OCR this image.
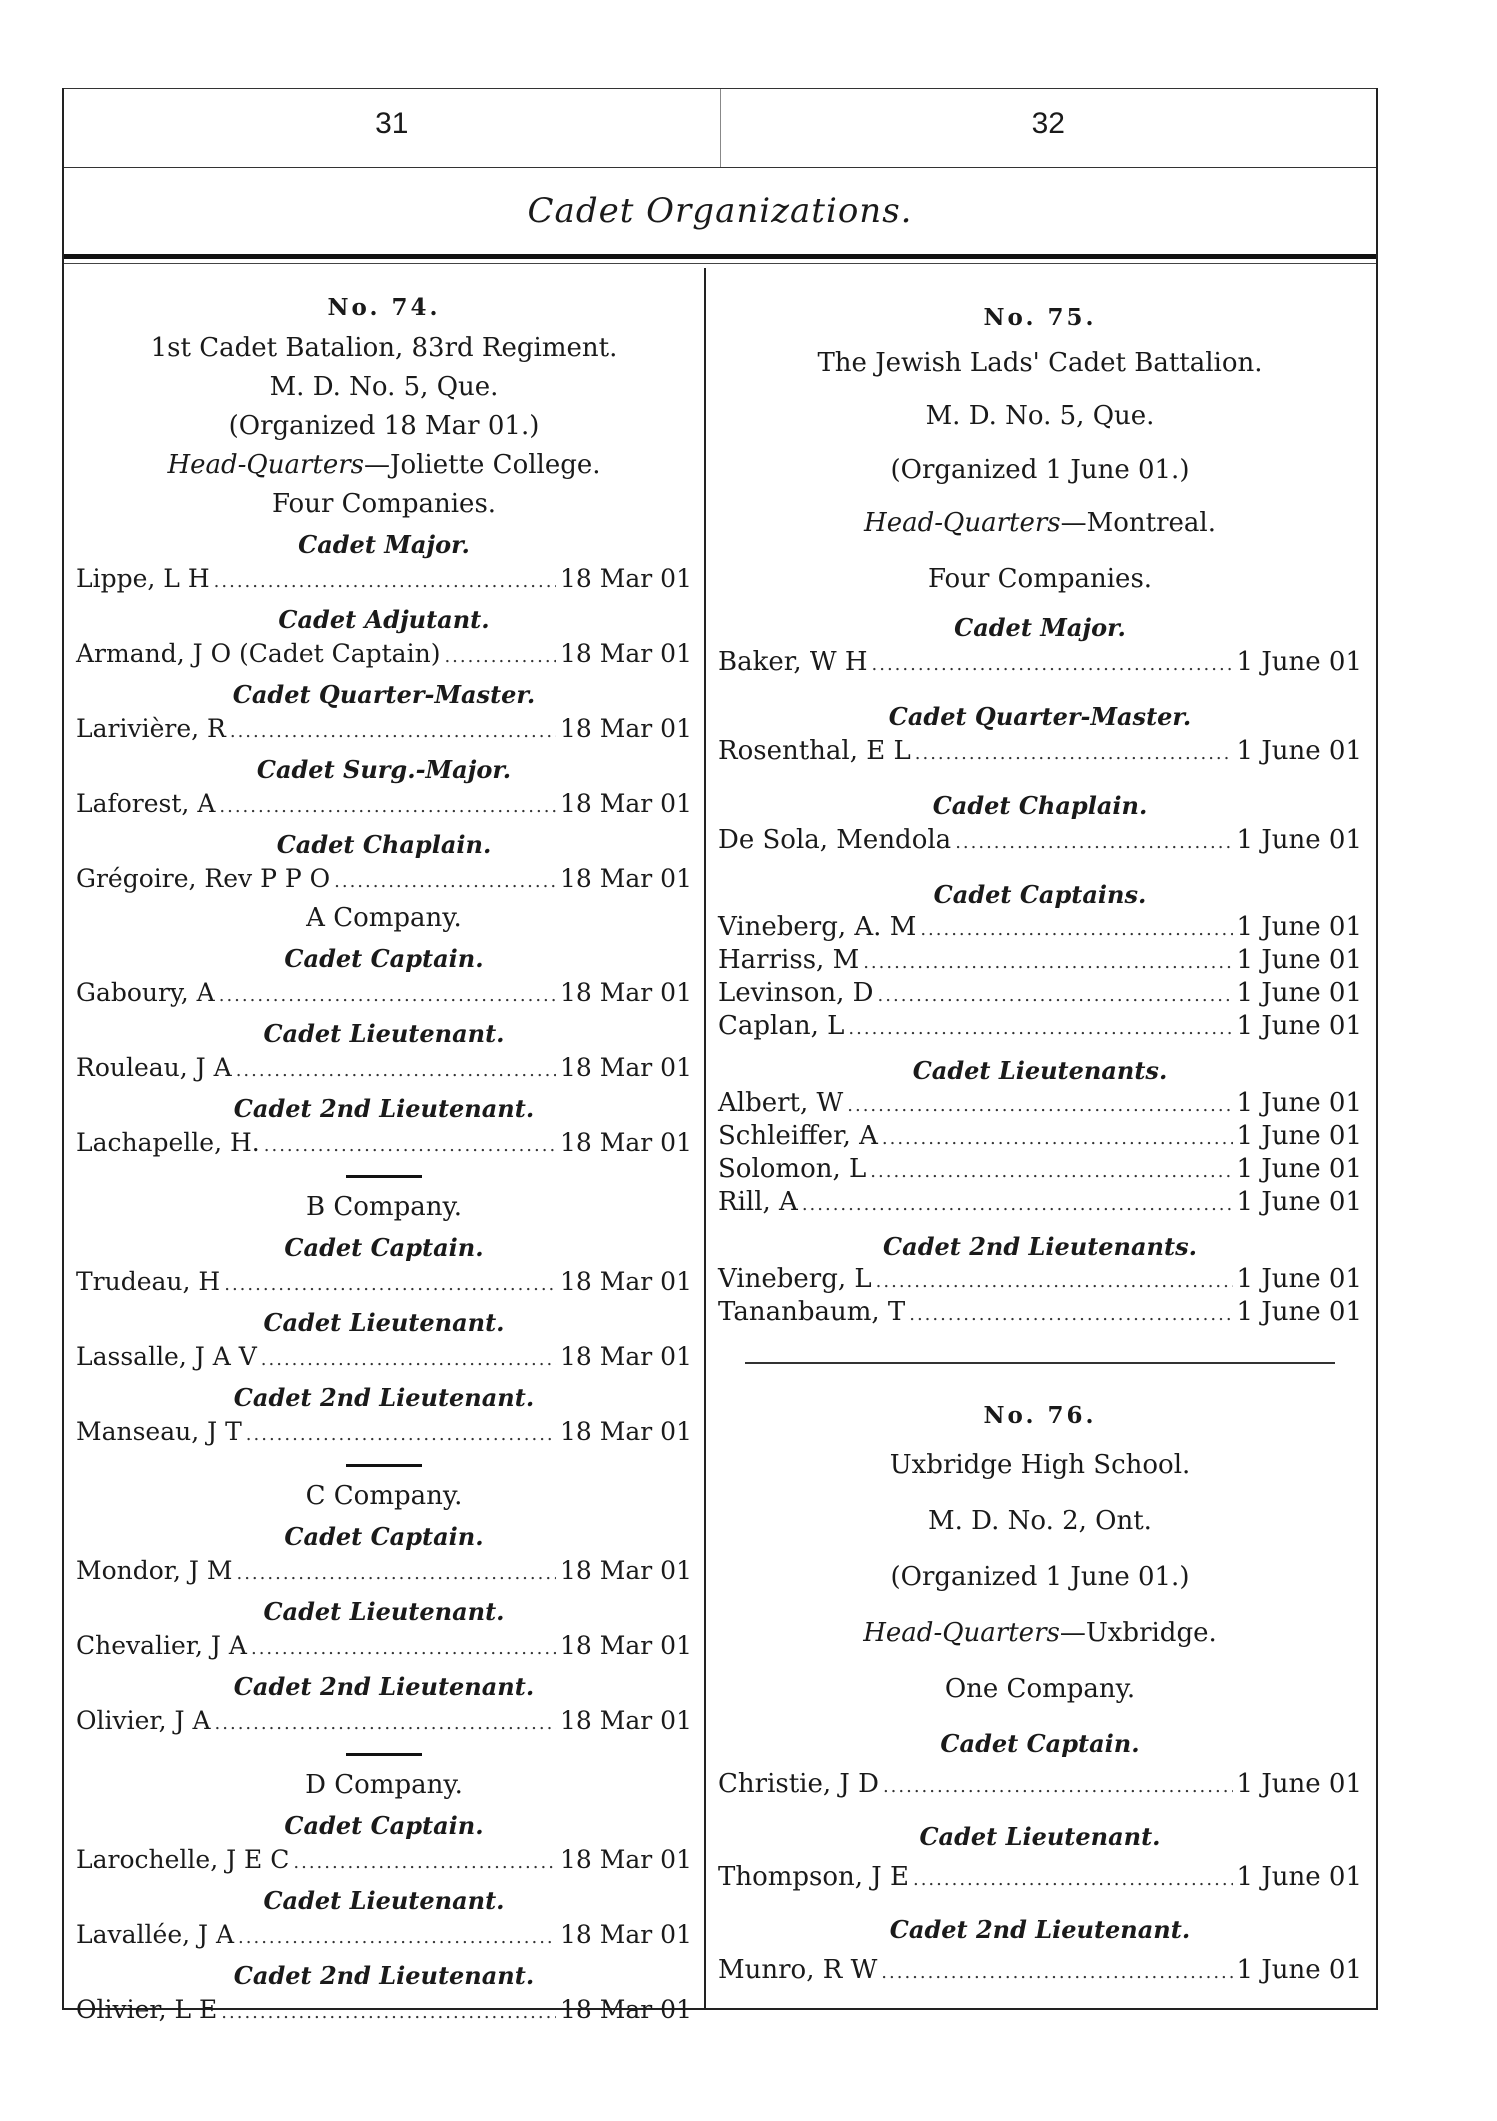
31	32
Cadet Organizations.
No. 74.
1st Cadet Batalion, 83rd Regiment.
M. D. No. 5, Que.
(Organized 18 Mar 01.)
Head-Quarters—Joliette College.
Four Companies.
Cadet Major.
Lippe, L H .....	18 Mar 01
Cadet Adjutant.
Armand, J O (Cadet Captain) .....	18 Mar 01
Cadet Quarter-Master.
Larivière, R .....	18 Mar 01
Cadet Surg.-Major.
Laforest, A .....	18 Mar 01
Cadet Chaplain.
Grégoire, Rev P P O .....	18 Mar 01
A Company.
Cadet Captain.
Gaboury, A .....	18 Mar 01
Cadet Lieutenant.
Rouleau, J A .....	18 Mar 01
Cadet 2nd Lieutenant.
Lachapelle, H. .....	18 Mar 01
B Company.
Cadet Captain.
Trudeau, H .....	18 Mar 01
Cadet Lieutenant.
Lassalle, J A V .....	18 Mar 01
Cadet 2nd Lieutenant.
Manseau, J T .....	18 Mar 01
C Company.
Cadet Captain.
Mondor, J M .....	18 Mar 01
Cadet Lieutenant.
Chevalier, J A .....	18 Mar 01
Cadet 2nd Lieutenant.
Olivier, J A .....	18 Mar 01
D Company.
Cadet Captain.
Larochelle, J E C .....	18 Mar 01
Cadet Lieutenant.
Lavallée, J A .....	18 Mar 01
Cadet 2nd Lieutenant.
Olivier, L E .....	18 Mar 01
No. 75.
The Jewish Lads' Cadet Battalion.
M. D. No. 5, Que.
(Organized 1 June 01.)
Head-Quarters—Montreal.
Four Companies.
Cadet Major.
Baker, W H .....	1 June 01
Cadet Quarter-Master.
Rosenthal, E L .....	1 June 01
Cadet Chaplain.
De Sola, Mendola .....	1 June 01
Cadet Captains.
Vineberg, A. M .....	1 June 01
Harriss, M .....	1 June 01
Levinson, D .....	1 June 01
Caplan, L .....	1 June 01
Cadet Lieutenants.
Albert, W .....	1 June 01
Schleiffer, A .....	1 June 01
Solomon, L .....	1 June 01
Rill, A .....	1 June 01
Cadet 2nd Lieutenants.
Vineberg, L .....	1 June 01
Tananbaum, T .....	1 June 01
No. 76.
Uxbridge High School.
M. D. No. 2, Ont.
(Organized 1 June 01.)
Head-Quarters—Uxbridge.
One Company.
Cadet Captain.
Christie, J D .....	1 June 01
Cadet Lieutenant.
Thompson, J E .....	1 June 01
Cadet 2nd Lieutenant.
Munro, R W .....	1 June 01
